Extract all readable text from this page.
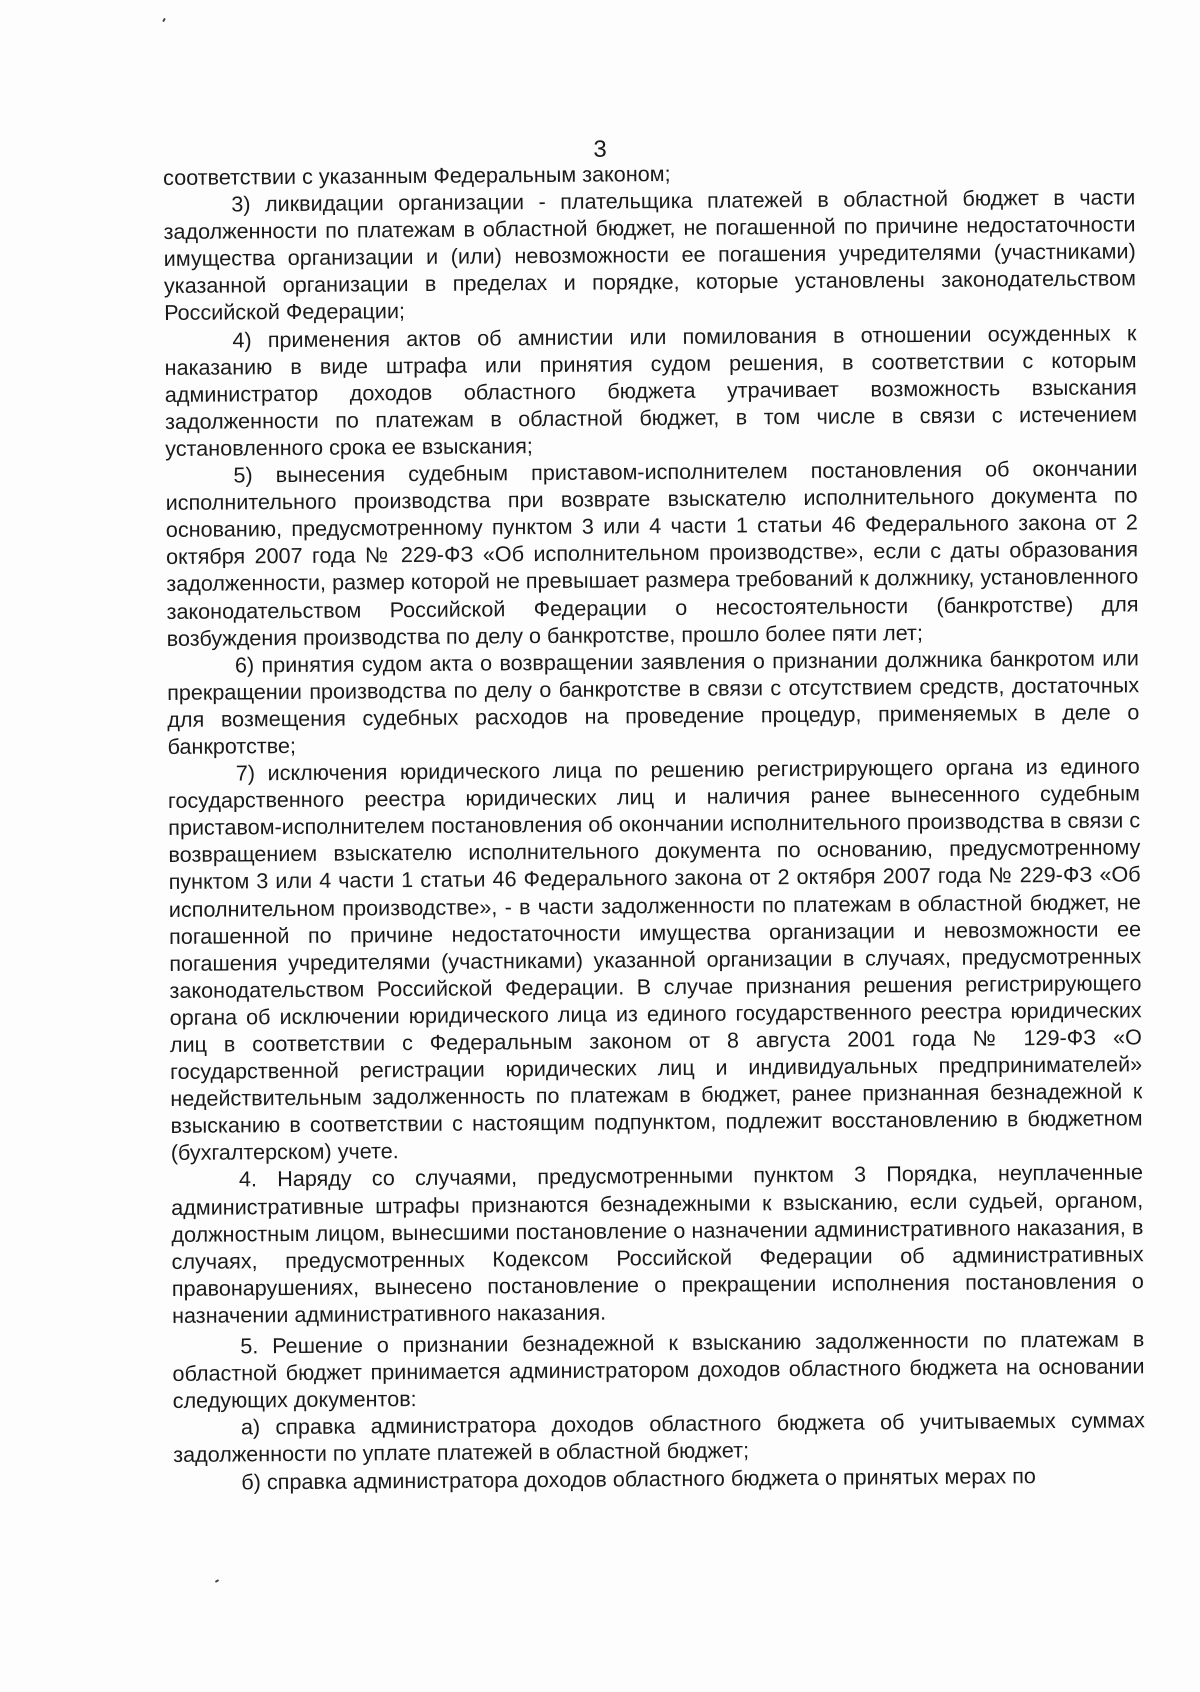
3

соответствии с указанным Федеральным законом;

3) ликвидации организации - плательщика платежей в областной бюджет в части задолженности по платежам в областной бюджет, не погашенной по причине недостаточности имущества организации и (или) невозможности ее погашения учредителями (участниками) указанной организации в пределах и порядке, которые установлены законодательством Российской Федерации;

4) применения актов об амнистии или помилования в отношении осужденных к наказанию в виде штрафа или принятия судом решения, в соответствии с которым администратор доходов областного бюджета утрачивает возможность взыскания задолженности по платежам в областной бюджет, в том числе в связи с истечением установленного срока ее взыскания;

5) вынесения судебным приставом-исполнителем постановления об окончании исполнительного производства при возврате взыскателю исполнительного документа по основанию, предусмотренному пунктом 3 или 4 части 1 статьи 46 Федерального закона от 2 октября 2007 года № 229-ФЗ «Об исполнительном производстве», если с даты образования задолженности, размер которой не превышает размера требований к должнику, установленного законодательством Российской Федерации о несостоятельности (банкротстве) для возбуждения производства по делу о банкротстве, прошло более пяти лет;

6) принятия судом акта о возвращении заявления о признании должника банкротом или прекращении производства по делу о банкротстве в связи с отсутствием средств, достаточных для возмещения судебных расходов на проведение процедур, применяемых в деле о банкротстве;

7) исключения юридического лица по решению регистрирующего органа из единого государственного реестра юридических лиц и наличия ранее вынесенного судебным приставом-исполнителем постановления об окончании исполнительного производства в связи с возвращением взыскателю исполнительного документа по основанию, предусмотренному пунктом 3 или 4 части 1 статьи 46 Федерального закона от 2 октября 2007 года № 229-ФЗ «Об исполнительном производстве», - в части задолженности по платежам в областной бюджет, не погашенной по причине недостаточности имущества организации и невозможности ее погашения учредителями (участниками) указанной организации в случаях, предусмотренных законодательством Российской Федерации. В случае признания решения регистрирующего органа об исключении юридического лица из единого государственного реестра юридических лиц в соответствии с Федеральным законом от 8 августа 2001 года № 129-ФЗ «О государственной регистрации юридических лиц и индивидуальных предпринимателей» недействительным задолженность по платежам в бюджет, ранее признанная безнадежной к взысканию в соответствии с настоящим подпунктом, подлежит восстановлению в бюджетном (бухгалтерском) учете.

4. Наряду со случаями, предусмотренными пунктом 3 Порядка, неуплаченные административные штрафы признаются безнадежными к взысканию, если судьей, органом, должностным лицом, вынесшими постановление о назначении административного наказания, в случаях, предусмотренных Кодексом Российской Федерации об административных правонарушениях, вынесено постановление о прекращении исполнения постановления о назначении административного наказания.

5. Решение о признании безнадежной к взысканию задолженности по платежам в областной бюджет принимается администратором доходов областного бюджета на основании следующих документов:

а) справка администратора доходов областного бюджета об учитываемых суммах задолженности по уплате платежей в областной бюджет;

б) справка администратора доходов областного бюджета о принятых мерах по
